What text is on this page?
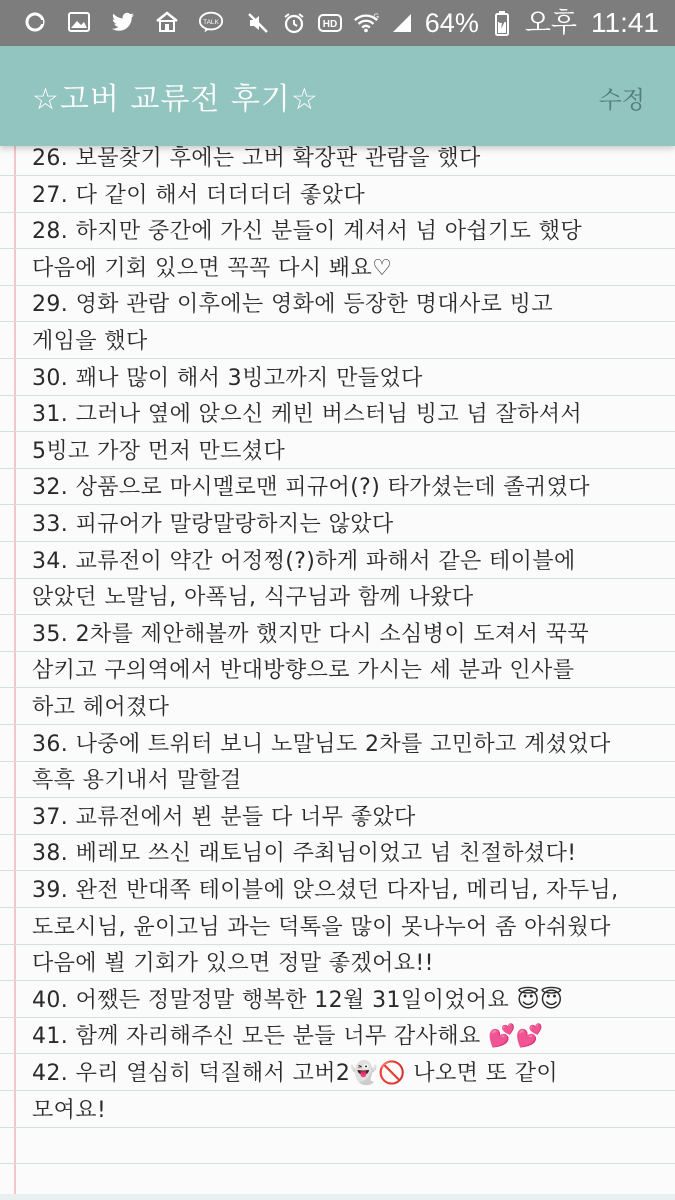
TALK	HD
G 64% 오후 11:41
☆고버 교류전 후기☆	수정
26. 보물찾기 후에는 고버 확장판 관람을 했다
27. 다 같이 해서 더더더더 좋았다
28. 하지만 중간에 가신 분들이 계셔서 넘 아쉽기도 했당
다음에 기회 있으면 꼭꼭 다시 봬요♡
29. 영화 관람 이후에는 영화에 등장한 명대사로 빙고
게임을 했다
30. 꽤나 많이 해서 3빙고까지 만들었다
31. 그러나 옆에 앉으신 케빈 버스터님 빙고 넘 잘하셔서
5빙고 가장 먼저 만드셨다
32. 상품으로 마시멜로맨 피규어(?) 타가셨는데 졸귀였다
33. 피규어가 말랑말랑하지는 않았다
34. 교류전이 약간 어정쩡(?)하게 파해서 같은 테이블에
앉았던 노말님, 아폭님, 식구님과 함께 나왔다
35. 2차를 제안해볼까 했지만 다시 소심병이 도져서 꾹꾹
삼키고 구의역에서 반대방향으로 가시는 세 분과 인사를
하고 헤어졌다
36. 나중에 트위터 보니 노말님도 2차를 고민하고 계셨었다
흑흑 용기내서 말할걸
37. 교류전에서 뵌 분들 다 너무 좋았다
38. 베레모 쓰신 래토님이 주최님이었고 넘 친절하셨다!
39. 완전 반대쪽 테이블에 앉으셨던 다자님, 메리님, 자두님,
도로시님, 윤이고님 과는 덕톡을 많이 못나누어 좀 아쉬웠다
다음에 뵐 기회가 있으면 정말 좋겠어요!!
40. 어쨌든 정말정말 행복한 12월 31일이었어요 😇😇
41. 함께 자리해주신 모든 분들 너무 감사해요 💕💕
42. 우리 열심히 덕질해서 고버2👻🚫 나오면 또 같이
모여요!
